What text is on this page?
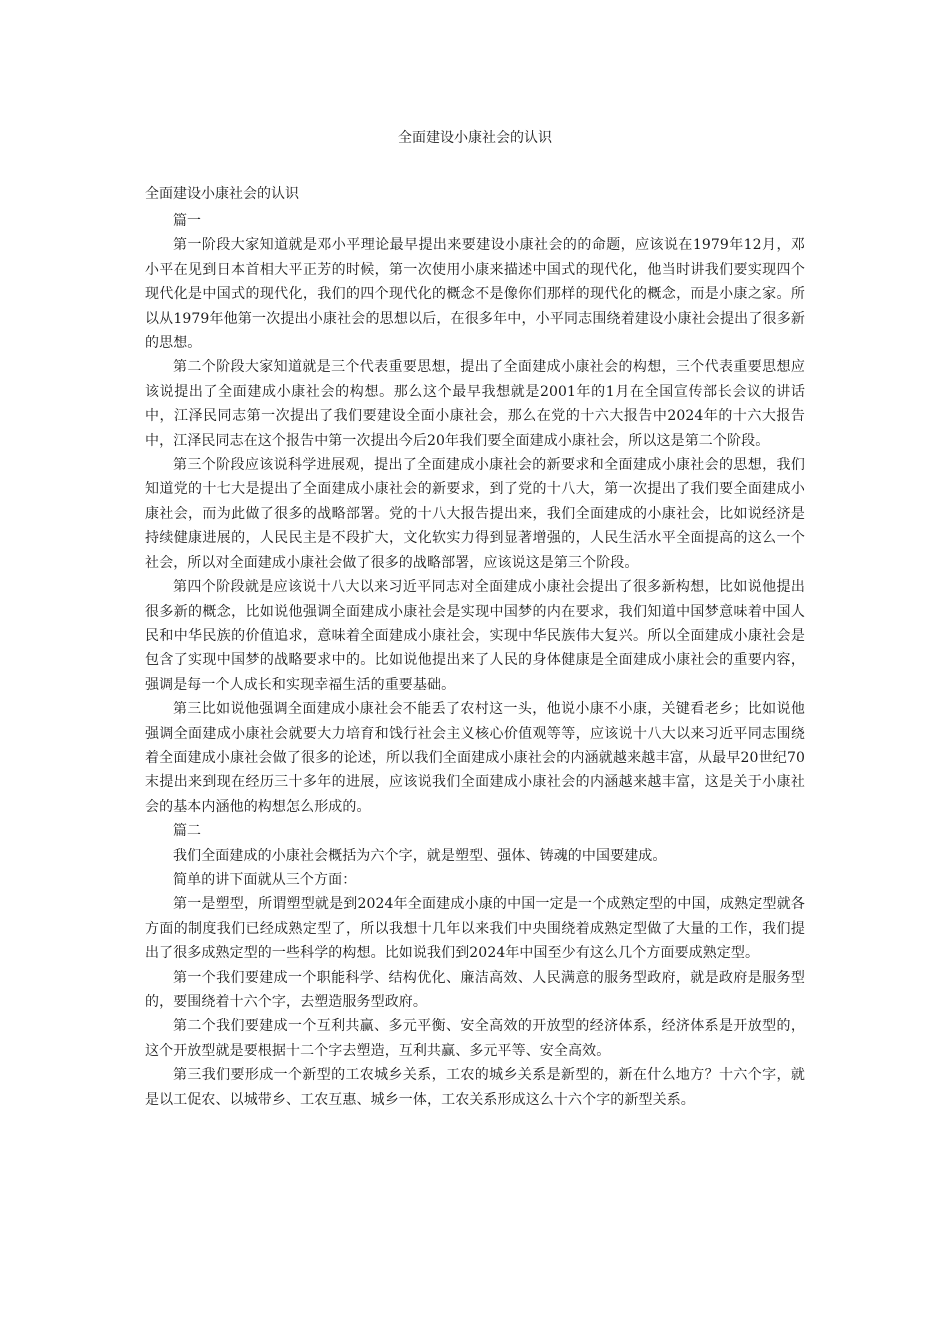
全面建设小康社会的认识
全面建设小康社会的认识
篇一

第一阶段大家知道就是邓小平理论最早提出来要建设小康社会的的命题，应该说在1979年12月，邓小平在见到日本首相大平正芳的时候，第一次使用小康来描述中国式的现代化，他当时讲我们要实现四个现代化是中国式的现代化，我们的四个现代化的概念不是像你们那样的现代化的概念，而是小康之家。所以从1979年他第一次提出小康社会的思想以后，在很多年中，小平同志围绕着建设小康社会提出了很多新的思想。

第二个阶段大家知道就是三个代表重要思想，提出了全面建成小康社会的构想，三个代表重要思想应该说提出了全面建成小康社会的构想。那么这个最早我想就是2001年的1月在全国宣传部长会议的讲话中，江泽民同志第一次提出了我们要建设全面小康社会，那么在党的十六大报告中2024年的十六大报告中，江泽民同志在这个报告中第一次提出今后20年我们要全面建成小康社会，所以这是第二个阶段。

第三个阶段应该说科学进展观，提出了全面建成小康社会的新要求和全面建成小康社会的思想，我们知道党的十七大是提出了全面建成小康社会的新要求，到了党的十八大，第一次提出了我们要全面建成小康社会，而为此做了很多的战略部署。党的十八大报告提出来，我们全面建成的小康社会，比如说经济是持续健康进展的，人民民主是不段扩大，文化软实力得到显著增强的，人民生活水平全面提高的这么一个社会，所以对全面建成小康社会做了很多的战略部署，应该说这是第三个阶段。

第四个阶段就是应该说十八大以来习近平同志对全面建成小康社会提出了很多新构想，比如说他提出很多新的概念，比如说他强调全面建成小康社会是实现中国梦的内在要求，我们知道中国梦意味着中国人民和中华民族的价值追求，意味着全面建成小康社会，实现中华民族伟大复兴。所以全面建成小康社会是包含了实现中国梦的战略要求中的。比如说他提出来了人民的身体健康是全面建成小康社会的重要内容，强调是每一个人成长和实现幸福生活的重要基础。

第三比如说他强调全面建成小康社会不能丢了农村这一头，他说小康不小康，关键看老乡；比如说他强调全面建成小康社会就要大力培育和饯行社会主义核心价值观等等，应该说十八大以来习近平同志围绕着全面建成小康社会做了很多的论述，所以我们全面建成小康社会的内涵就越来越丰富，从最早20世纪70末提出来到现在经历三十多年的进展，应该说我们全面建成小康社会的内涵越来越丰富，这是关于小康社会的基本内涵他的构想怎么形成的。

篇二

我们全面建成的小康社会概括为六个字，就是塑型、强体、铸魂的中国要建成。

简单的讲下面就从三个方面：

第一是塑型，所谓塑型就是到2024年全面建成小康的中国一定是一个成熟定型的中国，成熟定型就各方面的制度我们已经成熟定型了，所以我想十几年以来我们中央围绕着成熟定型做了大量的工作，我们提出了很多成熟定型的一些科学的构想。比如说我们到2024年中国至少有这么几个方面要成熟定型。

第一个我们要建成一个职能科学、结构优化、廉洁高效、人民满意的服务型政府，就是政府是服务型的，要围绕着十六个字，去塑造服务型政府。

第二个我们要建成一个互利共赢、多元平衡、安全高效的开放型的经济体系，经济体系是开放型的，这个开放型就是要根据十二个字去塑造，互利共赢、多元平等、安全高效。

第三我们要形成一个新型的工农城乡关系，工农的城乡关系是新型的，新在什么地方？十六个字，就是以工促农、以城带乡、工农互惠、城乡一体，工农关系形成这么十六个字的新型关系。
